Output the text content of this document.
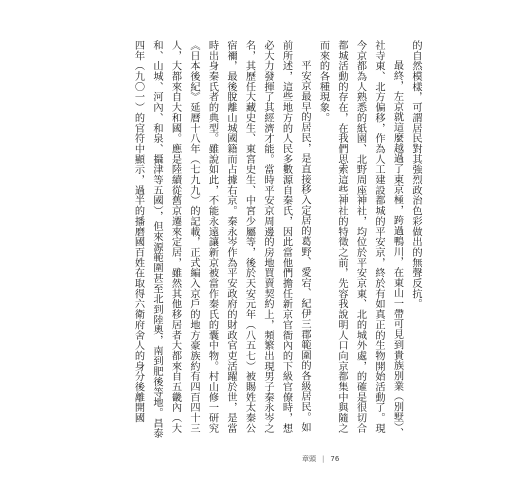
的自然模樣，可謂居民對其強烈政治色彩做出的無聲反抗。

最終，左京就這麼越過了東京極，跨過鴨川，在東山一帶可見到貴族別業（別墅）、社寺東、北方偏移，作為人工建設都城的平安京，終於有如真正的生物開始活動了。現今京都為人熟悉的紙園、北野周座神社，均位於平安京東、北的城外處，的確是很切合都城活動的存在，在我們思索這些神社的特徵之前，先容我說明人口向京都集中與隨之而來的各種現象。

平安京最早的居民，是直接移入定居的葛野、愛宕、紀伊三郡範圍的各級居民。如前所述，這些地方的人民多數源自秦氏，因此當他們擔任新京官衙內的下級官僚時，想必大力發揮了其經濟才能。當時平安京周邊的房地買賣契約上，頻繁出現男子秦永岑之名，其歷任大藏史生、東宮史生、中宮少屬等，後於天安元年（八五七）被賜姓太秦公宿禰，最後脫離山城國籍而占據右京。秦永岑作為平安政府的財政官吏活躍於世，是當時出身秦氏者的典型。雖說如此，不能永遠讓新京被當作秦氏的囊中物。村山修一研究《日本後紀》延曆十八年（七九九）的記載，正式編入京戶的地方豪族約有四百四十三人，大都來自大和國。應是陸續從舊京遷來定居，雖然其他移居者大都來自五畿內（大和、山城、河內、和泉、攝津等五國），但來源範圍甚至北到陸奧，南到肥後等地。昌泰四年（九〇一）的官符中顯示，過半的播磨國百姓在取得六衛府舍人的身分後離開國

章頭 | 76
